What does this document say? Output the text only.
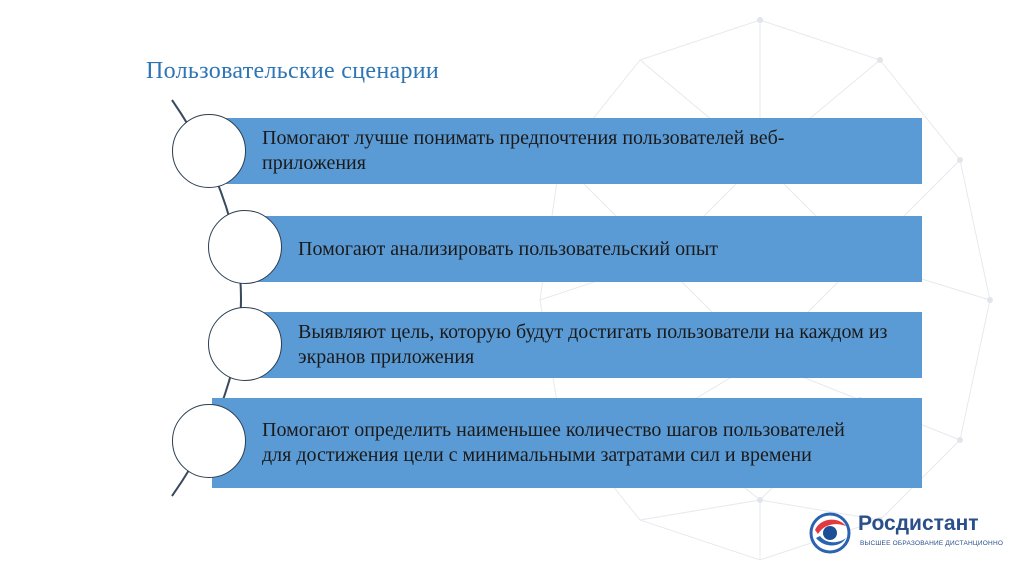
Пользовательские сценарии
Помогают лучше понимать предпочтения пользователей веб-приложения
Помогают анализировать пользовательский опыт
Выявляют цель, которую будут достигать пользователи на каждом из экранов приложения
Помогают определить наименьшее количество шагов пользователей для достижения цели с минимальными затратами сил и времени
Росдистант
ВЫСШЕЕ ОБРАЗОВАНИЕ ДИСТАНЦИОННО
